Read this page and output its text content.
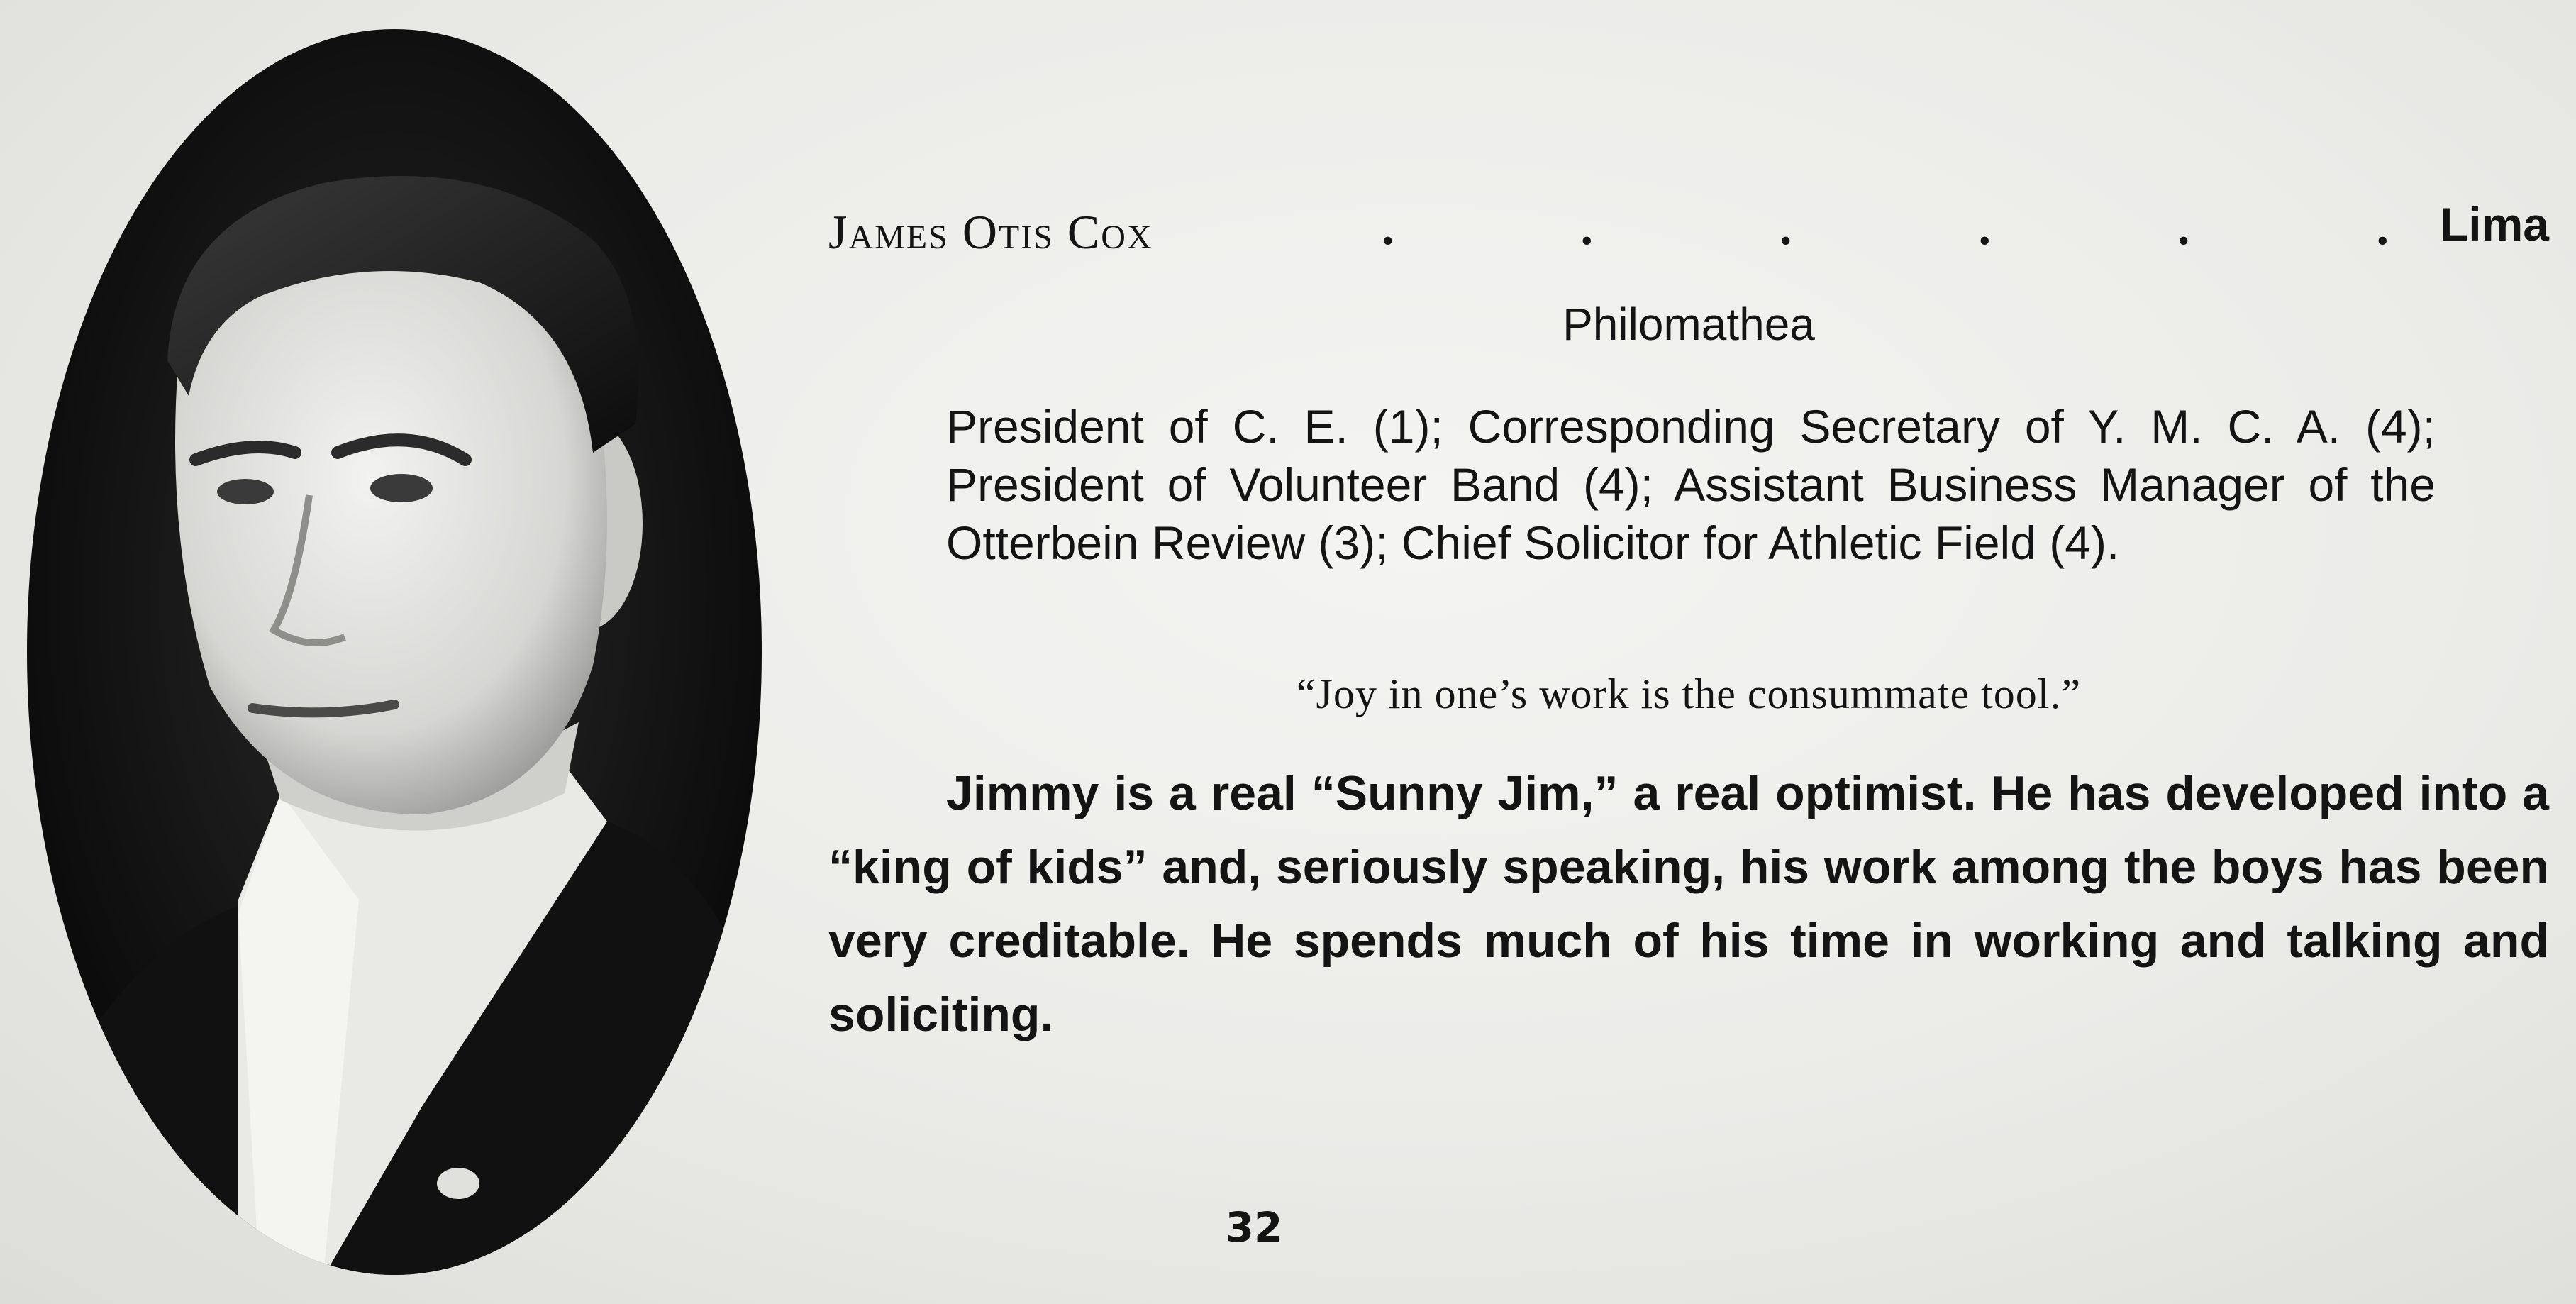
James Otis Cox	.	.	.	.	.	. Lima
Philomathea
President of C. E. (1); Corresponding Secretary of Y. M. C. A. (4); President of Volunteer Band (4); Assistant Business Manager of the Otterbein Review (3); Chief Solicitor for Athletic Field (4).
“Joy in one’s work is the consummate tool.”
Jimmy is a real “Sunny Jim,” a real optimist. He has developed into a “king of kids” and, seriously speaking, his work among the boys has been very creditable. He spends much of his time in working and talking and soliciting.
32
